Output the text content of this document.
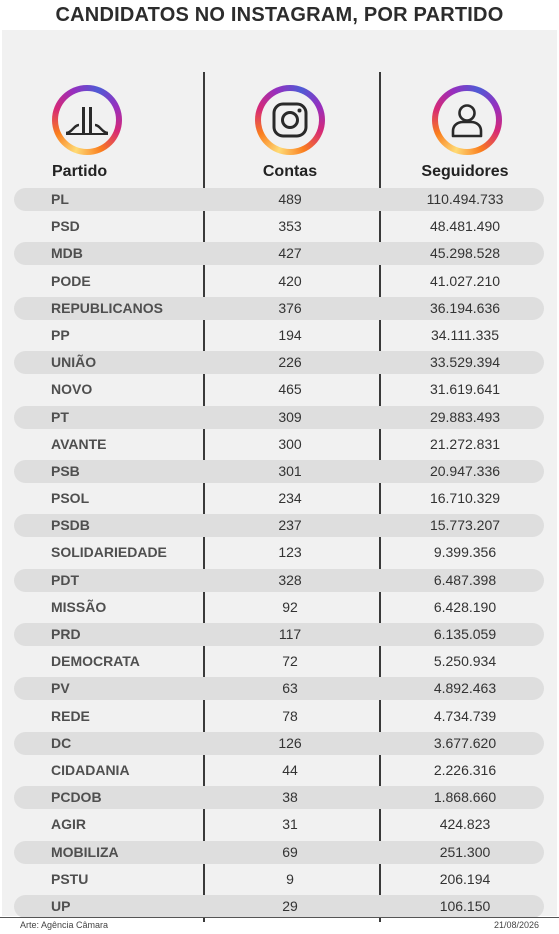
CANDIDATOS NO INSTAGRAM, POR PARTIDO
Partido	Contas	Seguidores
PL	489	110.494.733
PSD	353	48.481.490
MDB	427	45.298.528
PODE	420	41.027.210
REPUBLICANOS	376	36.194.636
PP	194	34.111.335
UNIÃO	226	33.529.394
NOVO	465	31.619.641
PT	309	29.883.493
AVANTE	300	21.272.831
PSB	301	20.947.336
PSOL	234	16.710.329
PSDB	237	15.773.207
SOLIDARIEDADE	123	9.399.356
PDT	328	6.487.398
MISSÃO	92	6.428.190
PRD	117	6.135.059
DEMOCRATA	72	5.250.934
PV	63	4.892.463
REDE	78	4.734.739
DC	126	3.677.620
CIDADANIA	44	2.226.316
PCDOB	38	1.868.660
AGIR	31	424.823
MOBILIZA	69	251.300
PSTU	9	206.194
UP	29	106.150
Arte: Agência Câmara	21/08/2026
